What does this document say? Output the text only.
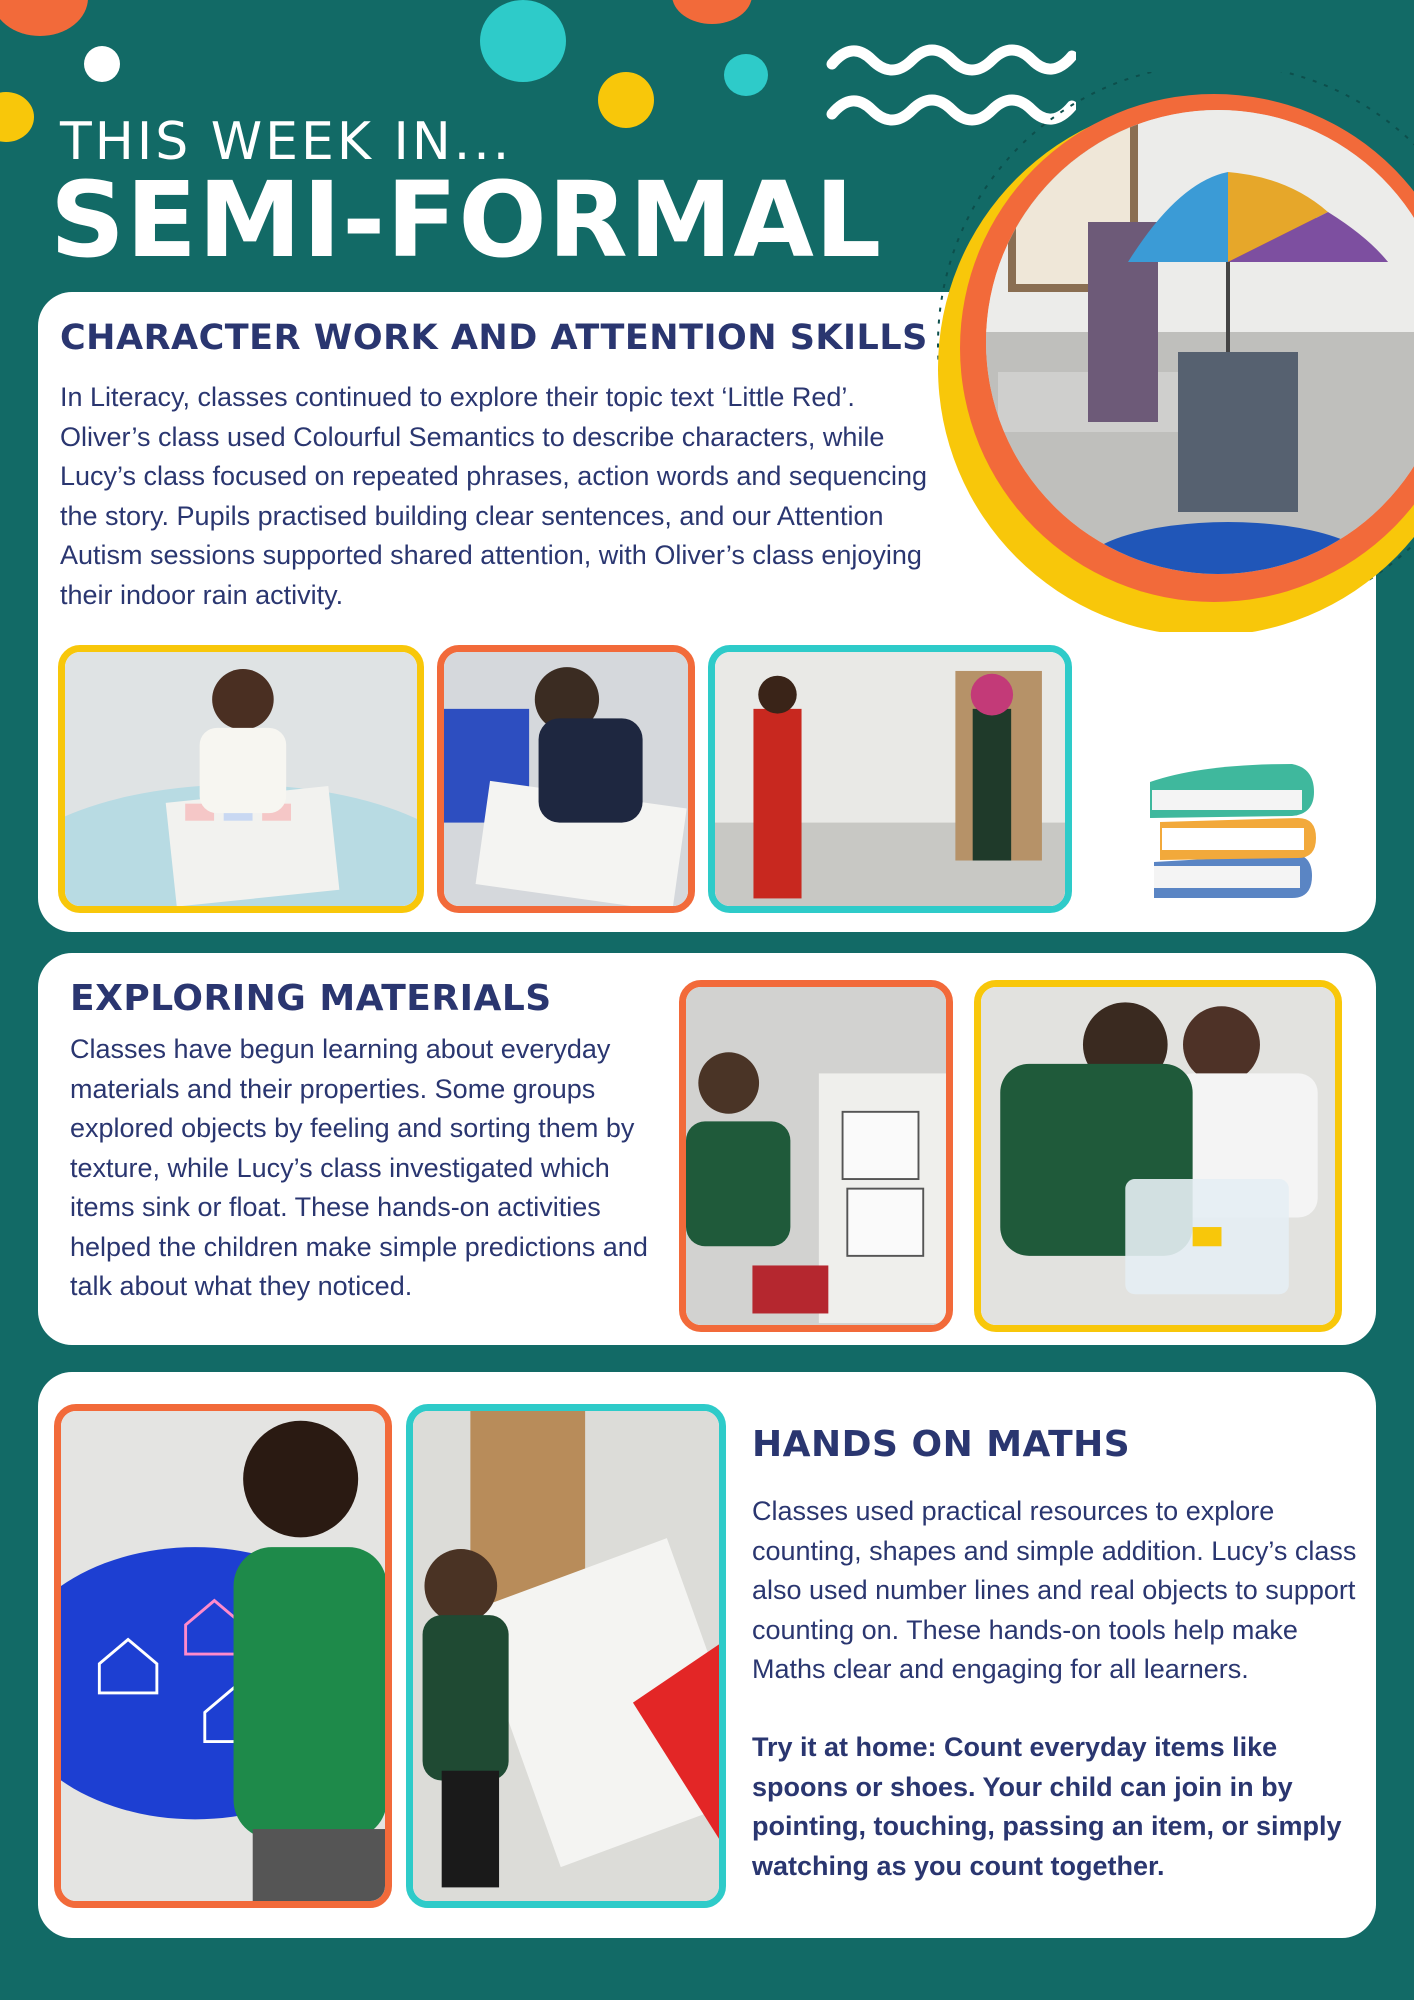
THIS WEEK IN...
SEMI-FORMAL
CHARACTER WORK AND ATTENTION SKILLS
In Literacy, classes continued to explore their topic text ‘Little Red’. Oliver’s class used Colourful Semantics to describe characters, while Lucy’s class focused on repeated phrases, action words and sequencing the story. Pupils practised building clear sentences, and our Attention Autism sessions supported shared attention, with Oliver’s class enjoying their indoor rain activity.
EXPLORING MATERIALS
Classes have begun learning about everyday materials and their properties. Some groups explored objects by feeling and sorting them by texture, while Lucy’s class investigated which items sink or float. These hands-on activities helped the children make simple predictions and talk about what they noticed.
HANDS ON MATHS
Classes used practical resources to explore counting, shapes and simple addition. Lucy’s class also used number lines and real objects to support counting on. These hands-on tools help make Maths clear and engaging for all learners.
Try it at home: Count everyday items like spoons or shoes. Your child can join in by pointing, touching, passing an item, or simply watching as you count together.
